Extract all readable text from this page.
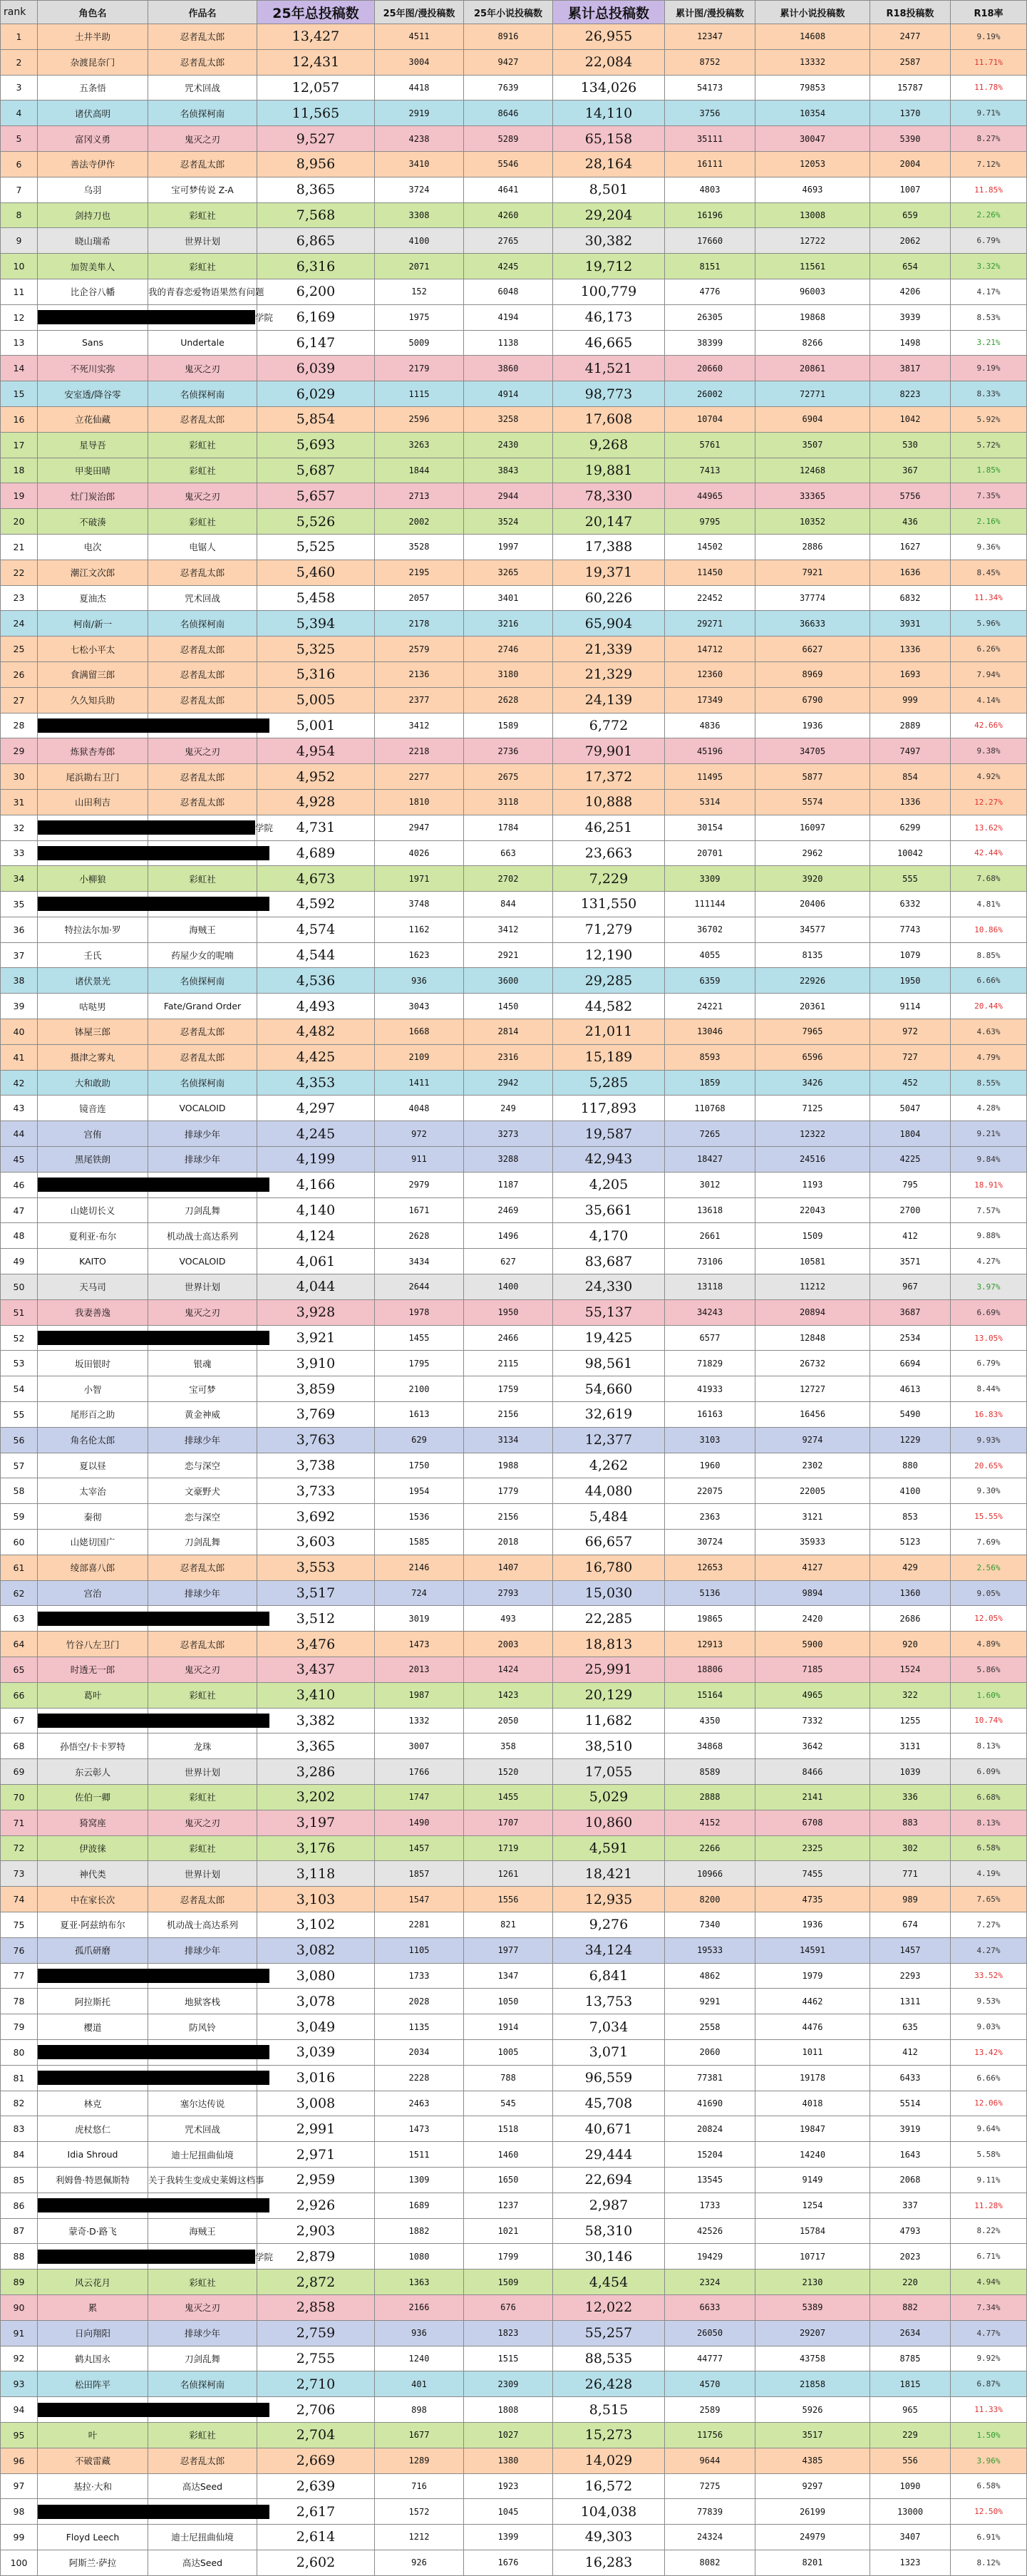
rank	角色名	作品名	25年总投稿数	25年图/漫投稿数	25年小说投稿数	累计总投稿数	累计图/漫投稿数	累计小说投稿数	R18投稿数	R18率
1	土井半助	忍者乱太郎	13,427	4511	8916	26,955	12347	14608	2477	9.19%
2	杂渡昆奈门	忍者乱太郎	12,431	3004	9427	22,084	8752	13332	2587	11.71%
3	五条悟	咒术回战	12,057	4418	7639	134,026	54173	79853	15787	11.78%
4	诸伏高明	名侦探柯南	11,565	2919	8646	14,110	3756	10354	1370	9.71%
5	富冈义勇	鬼灭之刃	9,527	4238	5289	65,158	35111	30047	5390	8.27%
6	善法寺伊作	忍者乱太郎	8,956	3410	5546	28,164	16111	12053	2004	7.12%
7	乌羽	宝可梦传说 Z-A	8,365	3724	4641	8,501	4803	4693	1007	11.85%
8	剑持刀也	彩虹社	7,568	3308	4260	29,204	16196	13008	659	2.26%
9	晓山瑞希	世界计划	6,865	4100	2765	30,382	17660	12722	2062	6.79%
10	加贺美隼人	彩虹社	6,316	2071	4245	19,712	8151	11561	654	3.32%
11	比企谷八幡	我的青春恋爱物语果然有问题	6,200	152	6048	100,779	4776	96003	4206	4.17%
12		学院	6,169	1975	4194	46,173	26305	19868	3939	8.53%
13	Sans	Undertale	6,147	5009	1138	46,665	38399	8266	1498	3.21%
14	不死川实弥	鬼灭之刃	6,039	2179	3860	41,521	20660	20861	3817	9.19%
15	安室透/降谷零	名侦探柯南	6,029	1115	4914	98,773	26002	72771	8223	8.33%
16	立花仙藏	忍者乱太郎	5,854	2596	3258	17,608	10704	6904	1042	5.92%
17	星导吾	彩虹社	5,693	3263	2430	9,268	5761	3507	530	5.72%
18	甲斐田晴	彩虹社	5,687	1844	3843	19,881	7413	12468	367	1.85%
19	灶门炭治郎	鬼灭之刃	5,657	2713	2944	78,330	44965	33365	5756	7.35%
20	不破湊	彩虹社	5,526	2002	3524	20,147	9795	10352	436	2.16%
21	电次	电锯人	5,525	3528	1997	17,388	14502	2886	1627	9.36%
22	潮江文次郎	忍者乱太郎	5,460	2195	3265	19,371	11450	7921	1636	8.45%
23	夏油杰	咒术回战	5,458	2057	3401	60,226	22452	37774	6832	11.34%
24	柯南/新一	名侦探柯南	5,394	2178	3216	65,904	29271	36633	3931	5.96%
25	七松小平太	忍者乱太郎	5,325	2579	2746	21,339	14712	6627	1336	6.26%
26	食满留三郎	忍者乱太郎	5,316	2136	3180	21,329	12360	8969	1693	7.94%
27	久久知兵助	忍者乱太郎	5,005	2377	2628	24,139	17349	6790	999	4.14%
28			5,001	3412	1589	6,772	4836	1936	2889	42.66%
29	炼狱杏寿郎	鬼灭之刃	4,954	2218	2736	79,901	45196	34705	7497	9.38%
30	尾浜勘右卫门	忍者乱太郎	4,952	2277	2675	17,372	11495	5877	854	4.92%
31	山田利吉	忍者乱太郎	4,928	1810	3118	10,888	5314	5574	1336	12.27%
32		学院	4,731	2947	1784	46,251	30154	16097	6299	13.62%
33			4,689	4026	663	23,663	20701	2962	10042	42.44%
34	小柳狼	彩虹社	4,673	1971	2702	7,229	3309	3920	555	7.68%
35			4,592	3748	844	131,550	111144	20406	6332	4.81%
36	特拉法尔加·罗	海贼王	4,574	1162	3412	71,279	36702	34577	7743	10.86%
37	壬氏	药屋少女的呢喃	4,544	1623	2921	12,190	4055	8135	1079	8.85%
38	诸伏景光	名侦探柯南	4,536	936	3600	29,285	6359	22926	1950	6.66%
39	咕哒男	Fate/Grand Order	4,493	3043	1450	44,582	24221	20361	9114	20.44%
40	钵屋三郎	忍者乱太郎	4,482	1668	2814	21,011	13046	7965	972	4.63%
41	摄津之雾丸	忍者乱太郎	4,425	2109	2316	15,189	8593	6596	727	4.79%
42	大和敢助	名侦探柯南	4,353	1411	2942	5,285	1859	3426	452	8.55%
43	镜音连	VOCALOID	4,297	4048	249	117,893	110768	7125	5047	4.28%
44	宫侑	排球少年	4,245	972	3273	19,587	7265	12322	1804	9.21%
45	黑尾铁朗	排球少年	4,199	911	3288	42,943	18427	24516	4225	9.84%
46			4,166	2979	1187	4,205	3012	1193	795	18.91%
47	山姥切长义	刀剑乱舞	4,140	1671	2469	35,661	13618	22043	2700	7.57%
48	夏利亚·布尔	机动战士高达系列	4,124	2628	1496	4,170	2661	1509	412	9.88%
49	KAITO	VOCALOID	4,061	3434	627	83,687	73106	10581	3571	4.27%
50	天马司	世界计划	4,044	2644	1400	24,330	13118	11212	967	3.97%
51	我妻善逸	鬼灭之刃	3,928	1978	1950	55,137	34243	20894	3687	6.69%
52			3,921	1455	2466	19,425	6577	12848	2534	13.05%
53	坂田银时	银魂	3,910	1795	2115	98,561	71829	26732	6694	6.79%
54	小智	宝可梦	3,859	2100	1759	54,660	41933	12727	4613	8.44%
55	尾形百之助	黄金神威	3,769	1613	2156	32,619	16163	16456	5490	16.83%
56	角名伦太郎	排球少年	3,763	629	3134	12,377	3103	9274	1229	9.93%
57	夏以昼	恋与深空	3,738	1750	1988	4,262	1960	2302	880	20.65%
58	太宰治	文豪野犬	3,733	1954	1779	44,080	22075	22005	4100	9.30%
59	秦彻	恋与深空	3,692	1536	2156	5,484	2363	3121	853	15.55%
60	山姥切国广	刀剑乱舞	3,603	1585	2018	66,657	30724	35933	5123	7.69%
61	绫部喜八郎	忍者乱太郎	3,553	2146	1407	16,780	12653	4127	429	2.56%
62	宫治	排球少年	3,517	724	2793	15,030	5136	9894	1360	9.05%
63			3,512	3019	493	22,285	19865	2420	2686	12.05%
64	竹谷八左卫门	忍者乱太郎	3,476	1473	2003	18,813	12913	5900	920	4.89%
65	时透无一郎	鬼灭之刃	3,437	2013	1424	25,991	18806	7185	1524	5.86%
66	葛叶	彩虹社	3,410	1987	1423	20,129	15164	4965	322	1.60%
67			3,382	1332	2050	11,682	4350	7332	1255	10.74%
68	孙悟空/卡卡罗特	龙珠	3,365	3007	358	38,510	34868	3642	3131	8.13%
69	东云彰人	世界计划	3,286	1766	1520	17,055	8589	8466	1039	6.09%
70	佐伯一卿	彩虹社	3,202	1747	1455	5,029	2888	2141	336	6.68%
71	猗窝座	鬼灭之刃	3,197	1490	1707	10,860	4152	6708	883	8.13%
72	伊波徕	彩虹社	3,176	1457	1719	4,591	2266	2325	302	6.58%
73	神代类	世界计划	3,118	1857	1261	18,421	10966	7455	771	4.19%
74	中在家长次	忍者乱太郎	3,103	1547	1556	12,935	8200	4735	989	7.65%
75	夏亚·阿兹纳布尔	机动战士高达系列	3,102	2281	821	9,276	7340	1936	674	7.27%
76	孤爪研磨	排球少年	3,082	1105	1977	34,124	19533	14591	1457	4.27%
77			3,080	1733	1347	6,841	4862	1979	2293	33.52%
78	阿拉斯托	地狱客栈	3,078	2028	1050	13,753	9291	4462	1311	9.53%
79	樱道	防风铃	3,049	1135	1914	7,034	2558	4476	635	9.03%
80			3,039	2034	1005	3,071	2060	1011	412	13.42%
81			3,016	2228	788	96,559	77381	19178	6433	6.66%
82	林克	塞尔达传说	3,008	2463	545	45,708	41690	4018	5514	12.06%
83	虎杖悠仁	咒术回战	2,991	1473	1518	40,671	20824	19847	3919	9.64%
84	Idia Shroud	迪士尼扭曲仙境	2,971	1511	1460	29,444	15204	14240	1643	5.58%
85	利姆鲁·特恩佩斯特	关于我转生变成史莱姆这档事	2,959	1309	1650	22,694	13545	9149	2068	9.11%
86			2,926	1689	1237	2,987	1733	1254	337	11.28%
87	蒙奇·D·路飞	海贼王	2,903	1882	1021	58,310	42526	15784	4793	8.22%
88		学院	2,879	1080	1799	30,146	19429	10717	2023	6.71%
89	风云花月	彩虹社	2,872	1363	1509	4,454	2324	2130	220	4.94%
90	累	鬼灭之刃	2,858	2166	676	12,022	6633	5389	882	7.34%
91	日向翔阳	排球少年	2,759	936	1823	55,257	26050	29207	2634	4.77%
92	鹤丸国永	刀剑乱舞	2,755	1240	1515	88,535	44777	43758	8785	9.92%
93	松田阵平	名侦探柯南	2,710	401	2309	26,428	4570	21858	1815	6.87%
94			2,706	898	1808	8,515	2589	5926	965	11.33%
95	叶	彩虹社	2,704	1677	1027	15,273	11756	3517	229	1.50%
96	不破雷藏	忍者乱太郎	2,669	1289	1380	14,029	9644	4385	556	3.96%
97	基拉·大和	高达Seed	2,639	716	1923	16,572	7275	9297	1090	6.58%
98			2,617	1572	1045	104,038	77839	26199	13000	12.50%
99	Floyd Leech	迪士尼扭曲仙境	2,614	1212	1399	49,303	24324	24979	3407	6.91%
100	阿斯兰·萨拉	高达Seed	2,602	926	1676	16,283	8082	8201	1323	8.12%
